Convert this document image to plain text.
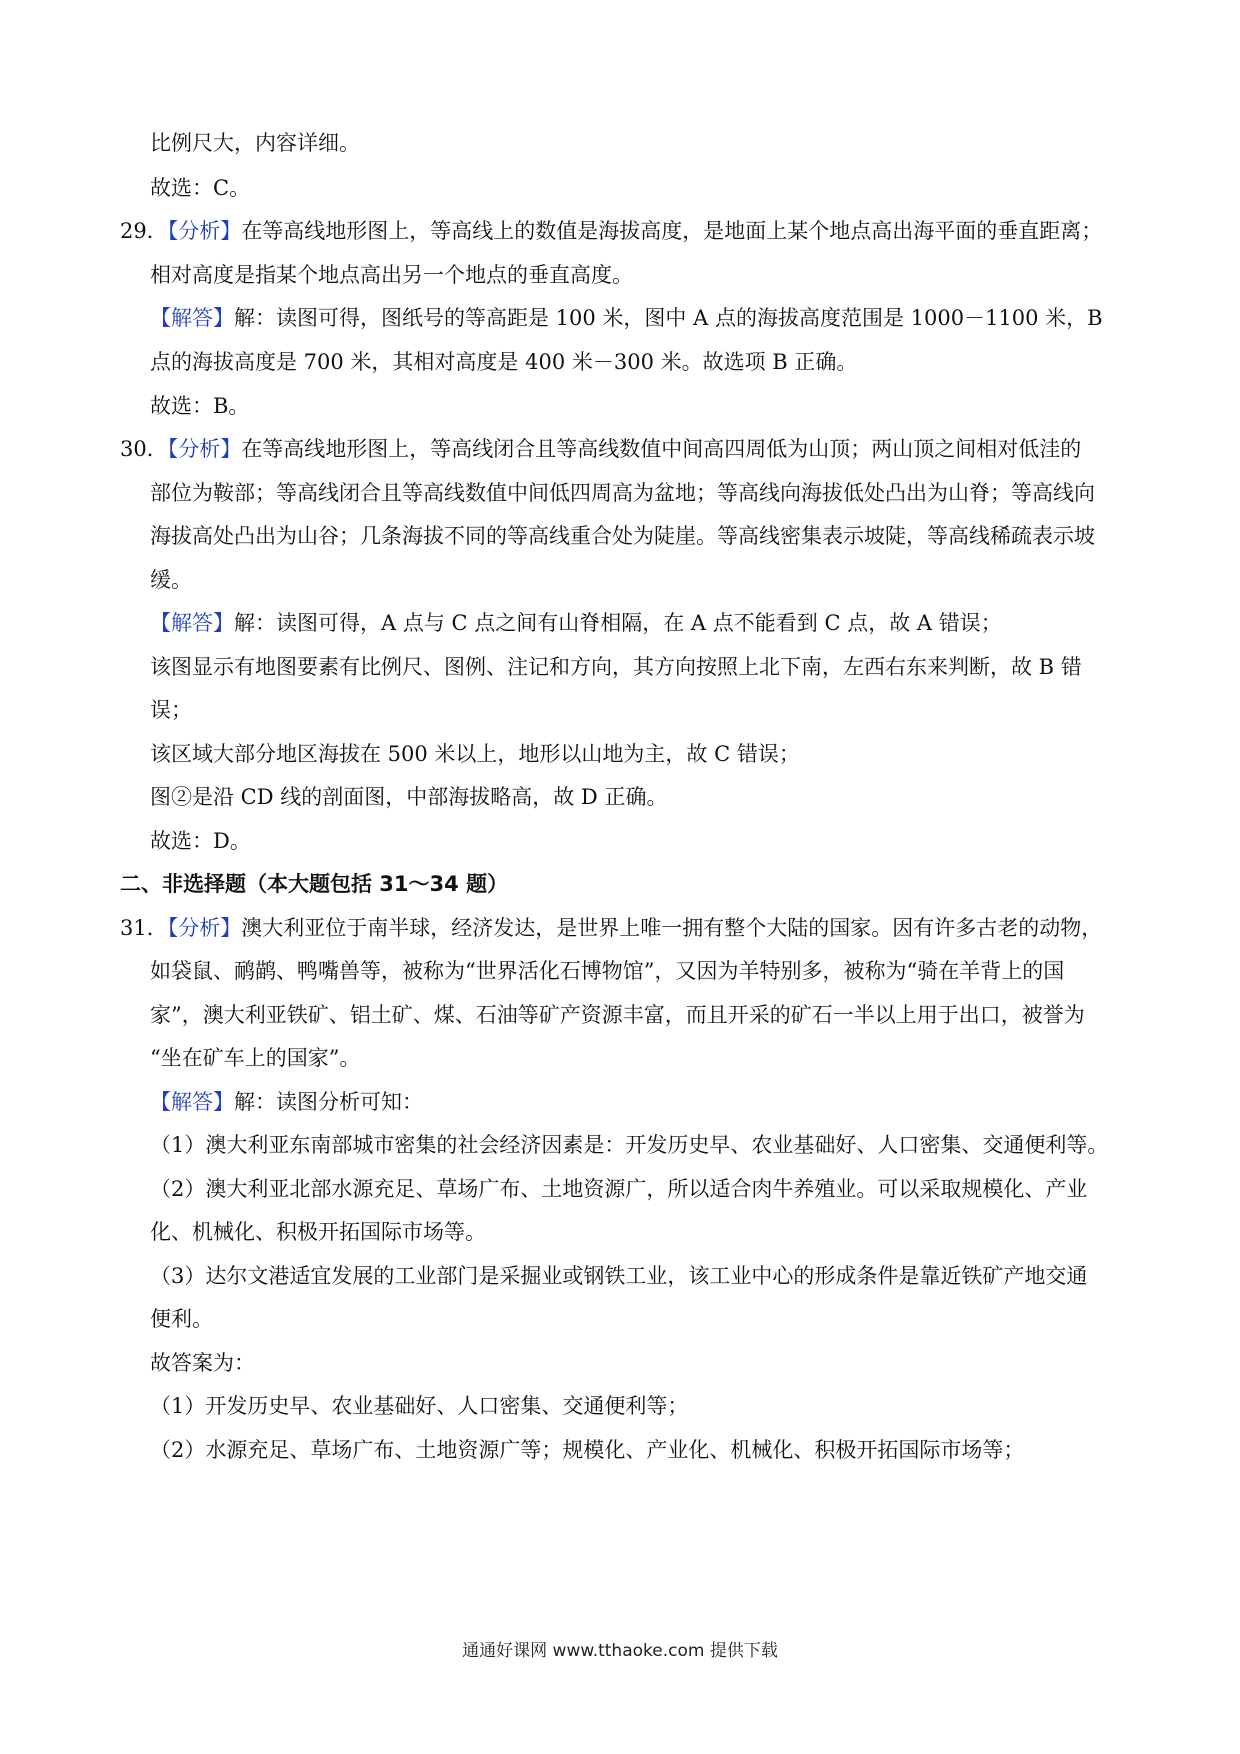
比例尺大，内容详细。
故选：C。
29．【分析】在等高线地形图上，等高线上的数值是海拔高度，是地面上某个地点高出海平面的垂直距离；
相对高度是指某个地点高出另一个地点的垂直高度。
【解答】解：读图可得，图纸号的等高距是 100 米，图中 A 点的海拔高度范围是 1000－1100 米，B
点的海拔高度是 700 米，其相对高度是 400 米－300 米。故选项 B 正确。
故选：B。
30．【分析】在等高线地形图上，等高线闭合且等高线数值中间高四周低为山顶；两山顶之间相对低洼的
部位为鞍部；等高线闭合且等高线数值中间低四周高为盆地；等高线向海拔低处凸出为山脊；等高线向
海拔高处凸出为山谷；几条海拔不同的等高线重合处为陡崖。等高线密集表示坡陡，等高线稀疏表示坡
缓。
【解答】解：读图可得，A 点与 C 点之间有山脊相隔，在 A 点不能看到 C 点，故 A 错误；
该图显示有地图要素有比例尺、图例、注记和方向，其方向按照上北下南，左西右东来判断，故 B 错
误；
该区域大部分地区海拔在 500 米以上，地形以山地为主，故 C 错误；
图②是沿 CD 线的剖面图，中部海拔略高，故 D 正确。
故选：D。
二、非选择题（本大题包括 31～34 题）
31．【分析】澳大利亚位于南半球，经济发达，是世界上唯一拥有整个大陆的国家。因有许多古老的动物，
如袋鼠、鸸鹋、鸭嘴兽等，被称为“世界活化石博物馆”，又因为羊特别多，被称为“骑在羊背上的国
家”，澳大利亚铁矿、铝土矿、煤、石油等矿产资源丰富，而且开采的矿石一半以上用于出口，被誉为
“坐在矿车上的国家”。
【解答】解：读图分析可知：
（1）澳大利亚东南部城市密集的社会经济因素是：开发历史早、农业基础好、人口密集、交通便利等。
（2）澳大利亚北部水源充足、草场广布、土地资源广，所以适合肉牛养殖业。可以采取规模化、产业
化、机械化、积极开拓国际市场等。
（3）达尔文港适宜发展的工业部门是采掘业或钢铁工业，该工业中心的形成条件是靠近铁矿产地交通
便利。
故答案为：
（1）开发历史早、农业基础好、人口密集、交通便利等；
（2）水源充足、草场广布、土地资源广等；规模化、产业化、机械化、积极开拓国际市场等；
通通好课网 www.tthaoke.com 提供下载
